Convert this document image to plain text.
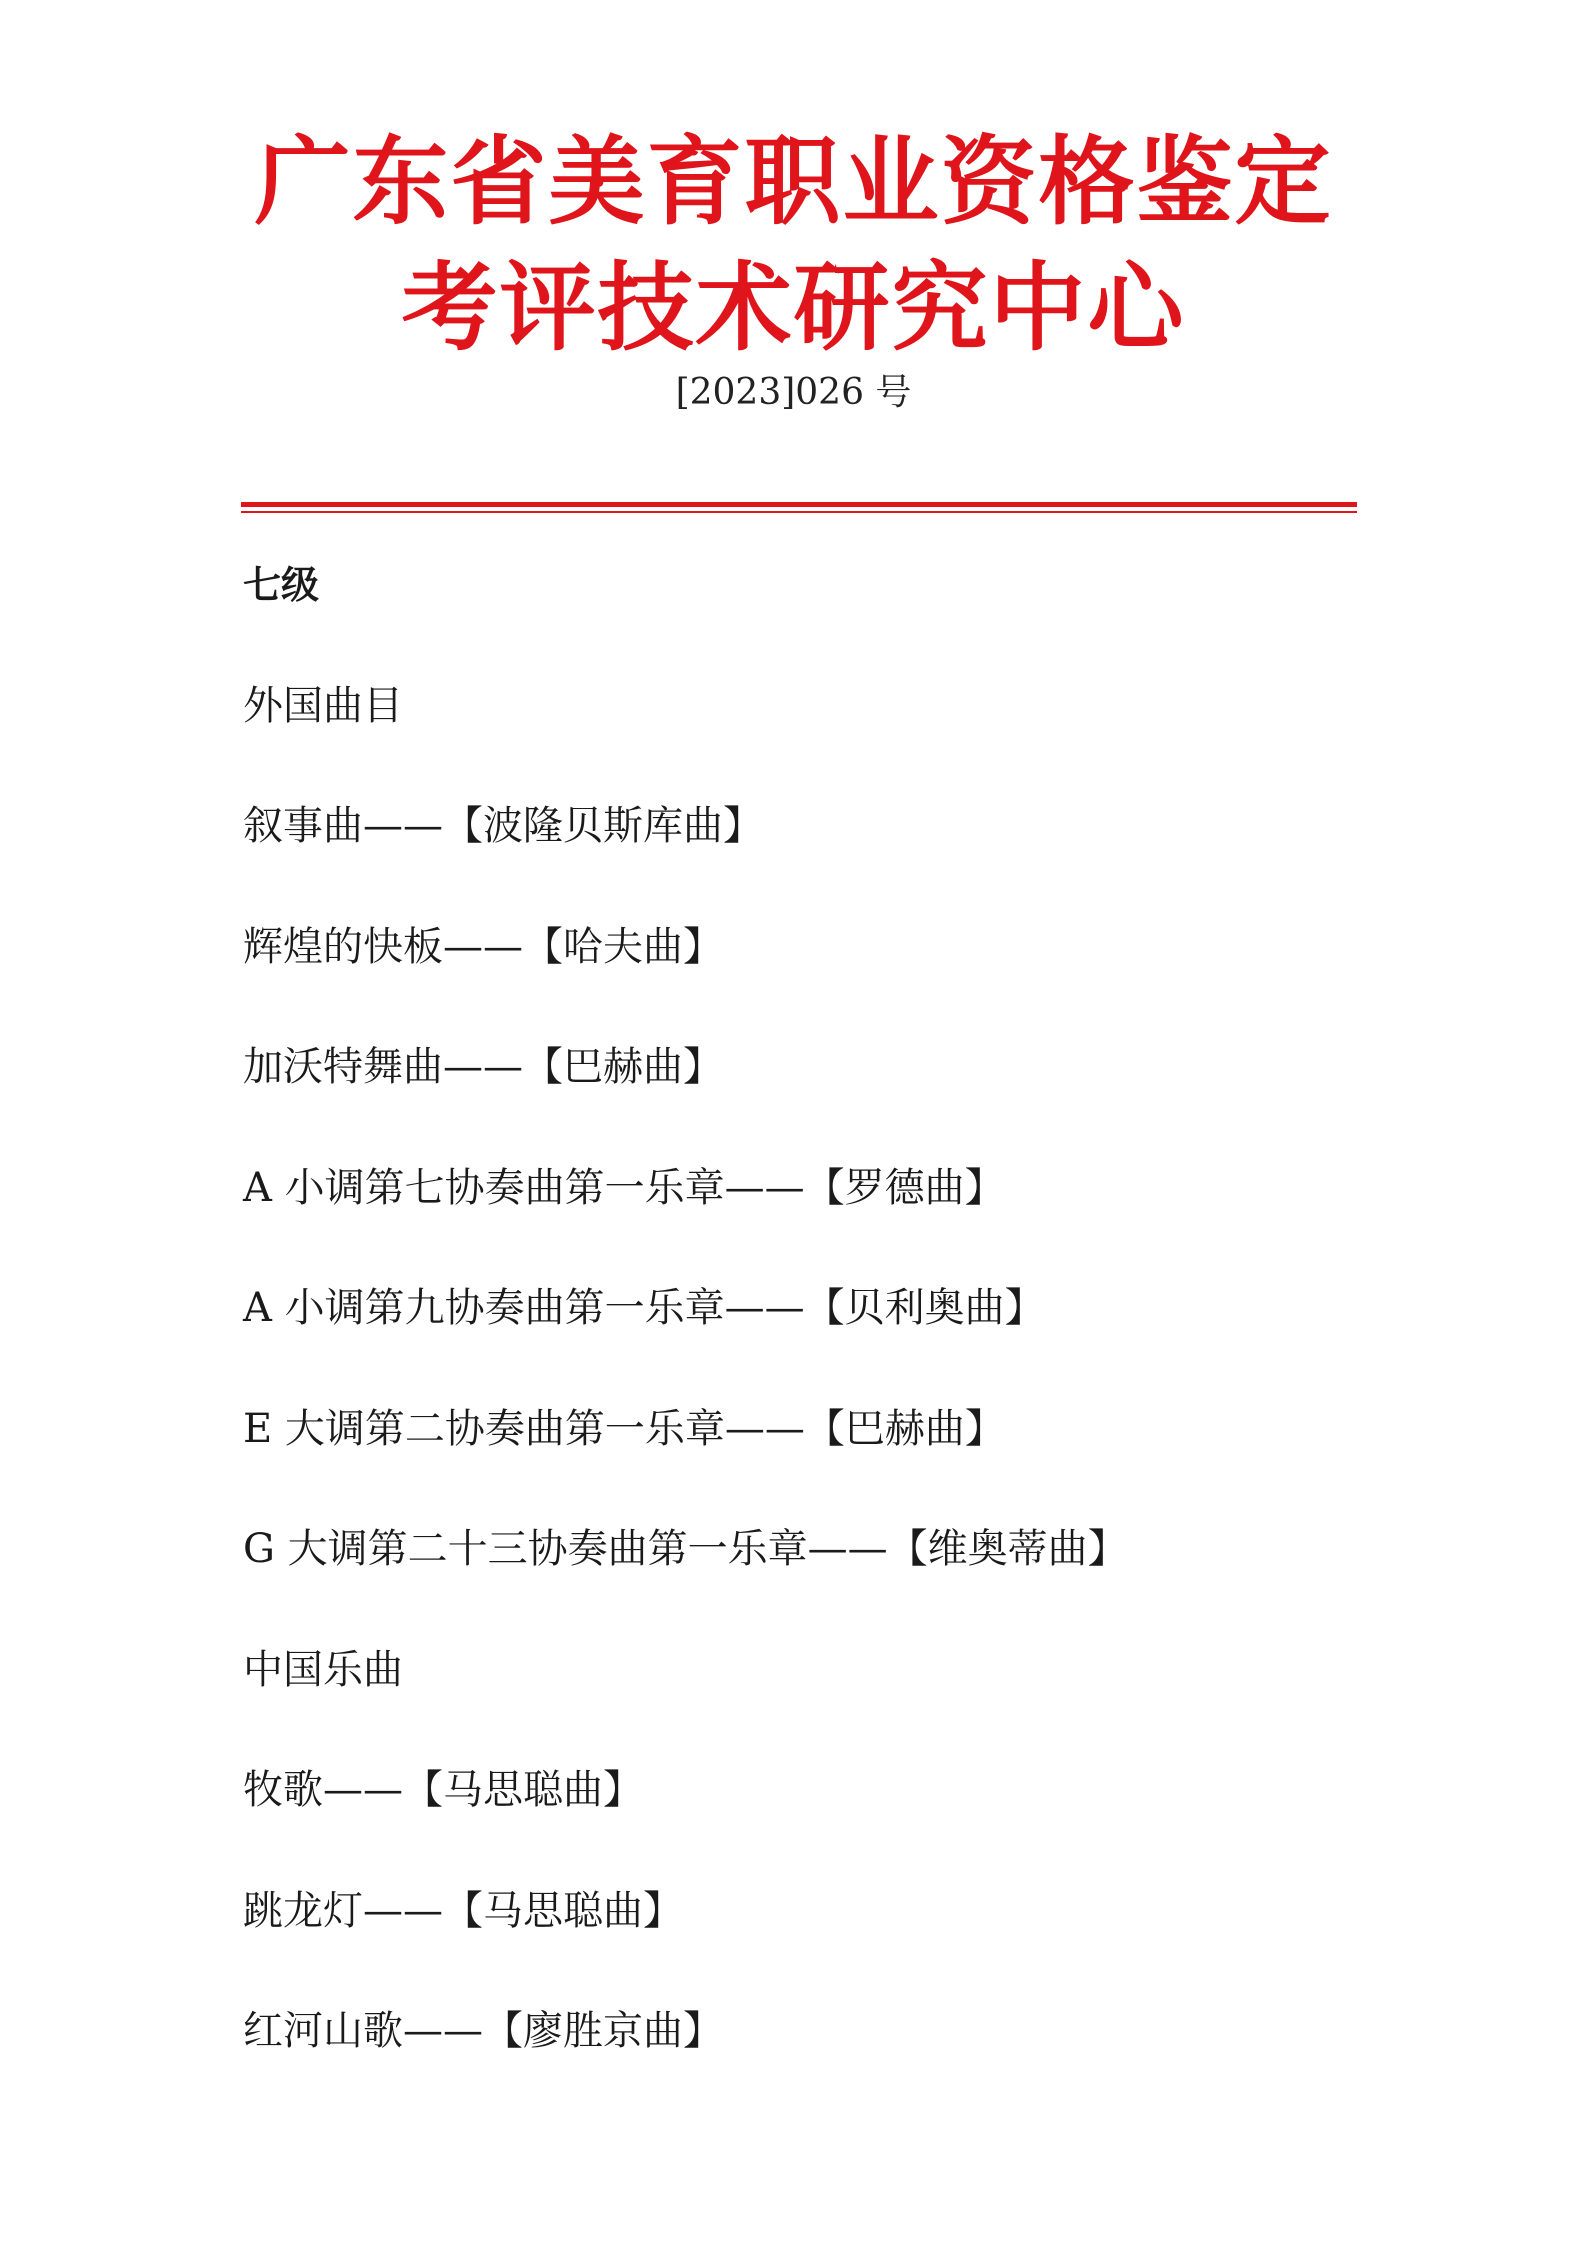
广东省美育职业资格鉴定
考评技术研究中心
[2023]026 号
七级
外国曲目
叙事曲——【波隆贝斯库曲】
辉煌的快板——【哈夫曲】
加沃特舞曲——【巴赫曲】
A 小调第七协奏曲第一乐章——【罗德曲】
A 小调第九协奏曲第一乐章——【贝利奥曲】
E 大调第二协奏曲第一乐章——【巴赫曲】
G 大调第二十三协奏曲第一乐章——【维奥蒂曲】
中国乐曲
牧歌——【马思聪曲】
跳龙灯——【马思聪曲】
红河山歌——【廖胜京曲】
